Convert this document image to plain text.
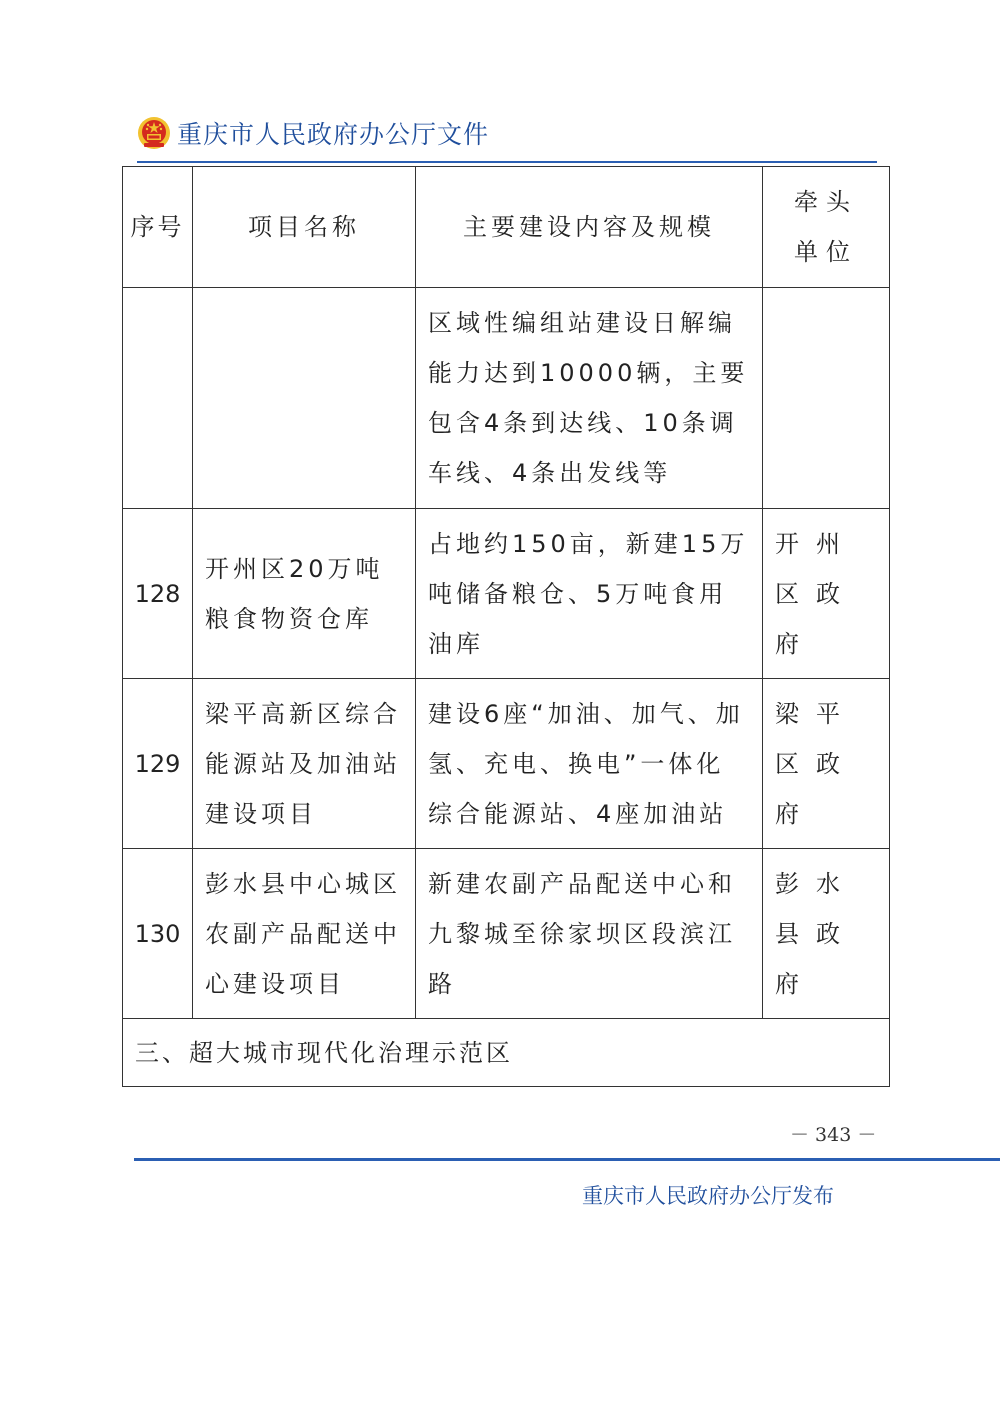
重庆市人民政府办公厅文件
序号	项目名称	主要建设内容及规模	牵头单位
		区域性编组站建设日解编能力达到10000辆，主要包含4条到达线、10条调车线、4条出发线等	
128	开州区20万吨粮食物资仓库	占地约150亩，新建15万吨储备粮仓、5万吨食用油库	开州区政府
129	梁平高新区综合能源站及加油站建设项目	建设6座“加油、加气、加氢、充电、换电”一体化综合能源站、4座加油站	梁平区政府
130	彭水县中心城区农副产品配送中心建设项目	新建农副产品配送中心和九黎城至徐家坝区段滨江路	彭水县政府
三、超大城市现代化治理示范区			
－ 343 －
重庆市人民政府办公厅发布
